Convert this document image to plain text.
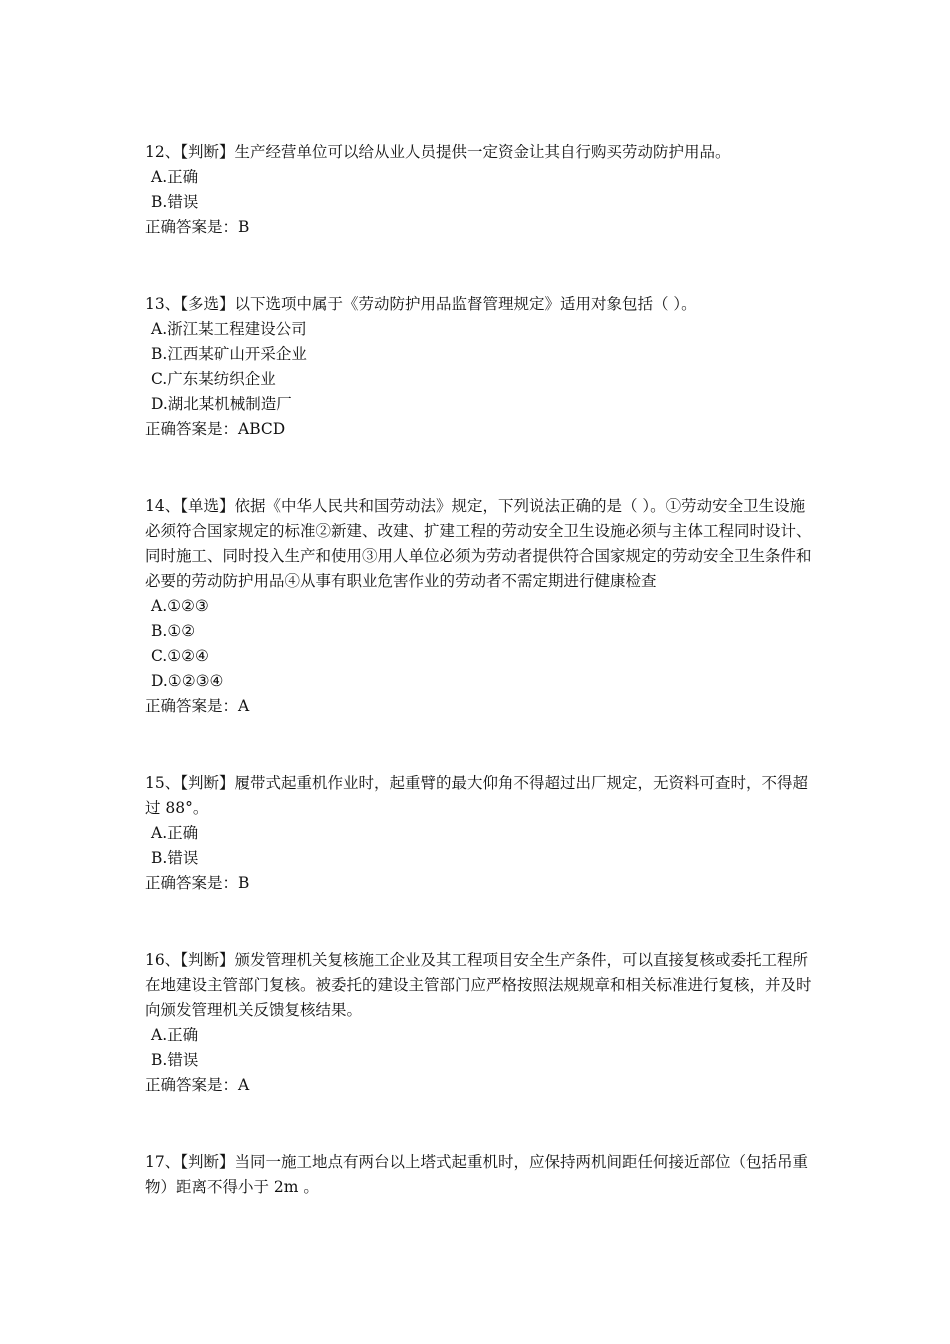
12、【判断】生产经营单位可以给从业人员提供一定资金让其自行购买劳动防护用品。

A.正确

B.错误

正确答案是：B

13、【多选】以下选项中属于《劳动防护用品监督管理规定》适用对象包括（ ）。

A.浙江某工程建设公司

B.江西某矿山开采企业

C.广东某纺织企业

D.湖北某机械制造厂

正确答案是：ABCD

14、【单选】依据《中华人民共和国劳动法》规定，下列说法正确的是（ ）。①劳动安全卫生设施必须符合国家规定的标准②新建、改建、扩建工程的劳动安全卫生设施必须与主体工程同时设计、同时施工、同时投入生产和使用③用人单位必须为劳动者提供符合国家规定的劳动安全卫生条件和必要的劳动防护用品④从事有职业危害作业的劳动者不需定期进行健康检查

A.①②③

B.①②

C.①②④

D.①②③④

正确答案是：A

15、【判断】履带式起重机作业时，起重臂的最大仰角不得超过出厂规定，无资料可查时，不得超过 88°。

A.正确

B.错误

正确答案是：B

16、【判断】颁发管理机关复核施工企业及其工程项目安全生产条件，可以直接复核或委托工程所在地建设主管部门复核。被委托的建设主管部门应严格按照法规规章和相关标准进行复核，并及时向颁发管理机关反馈复核结果。

A.正确

B.错误

正确答案是：A

17、【判断】当同一施工地点有两台以上塔式起重机时，应保持两机间距任何接近部位（包括吊重物）距离不得小于 2m 。
